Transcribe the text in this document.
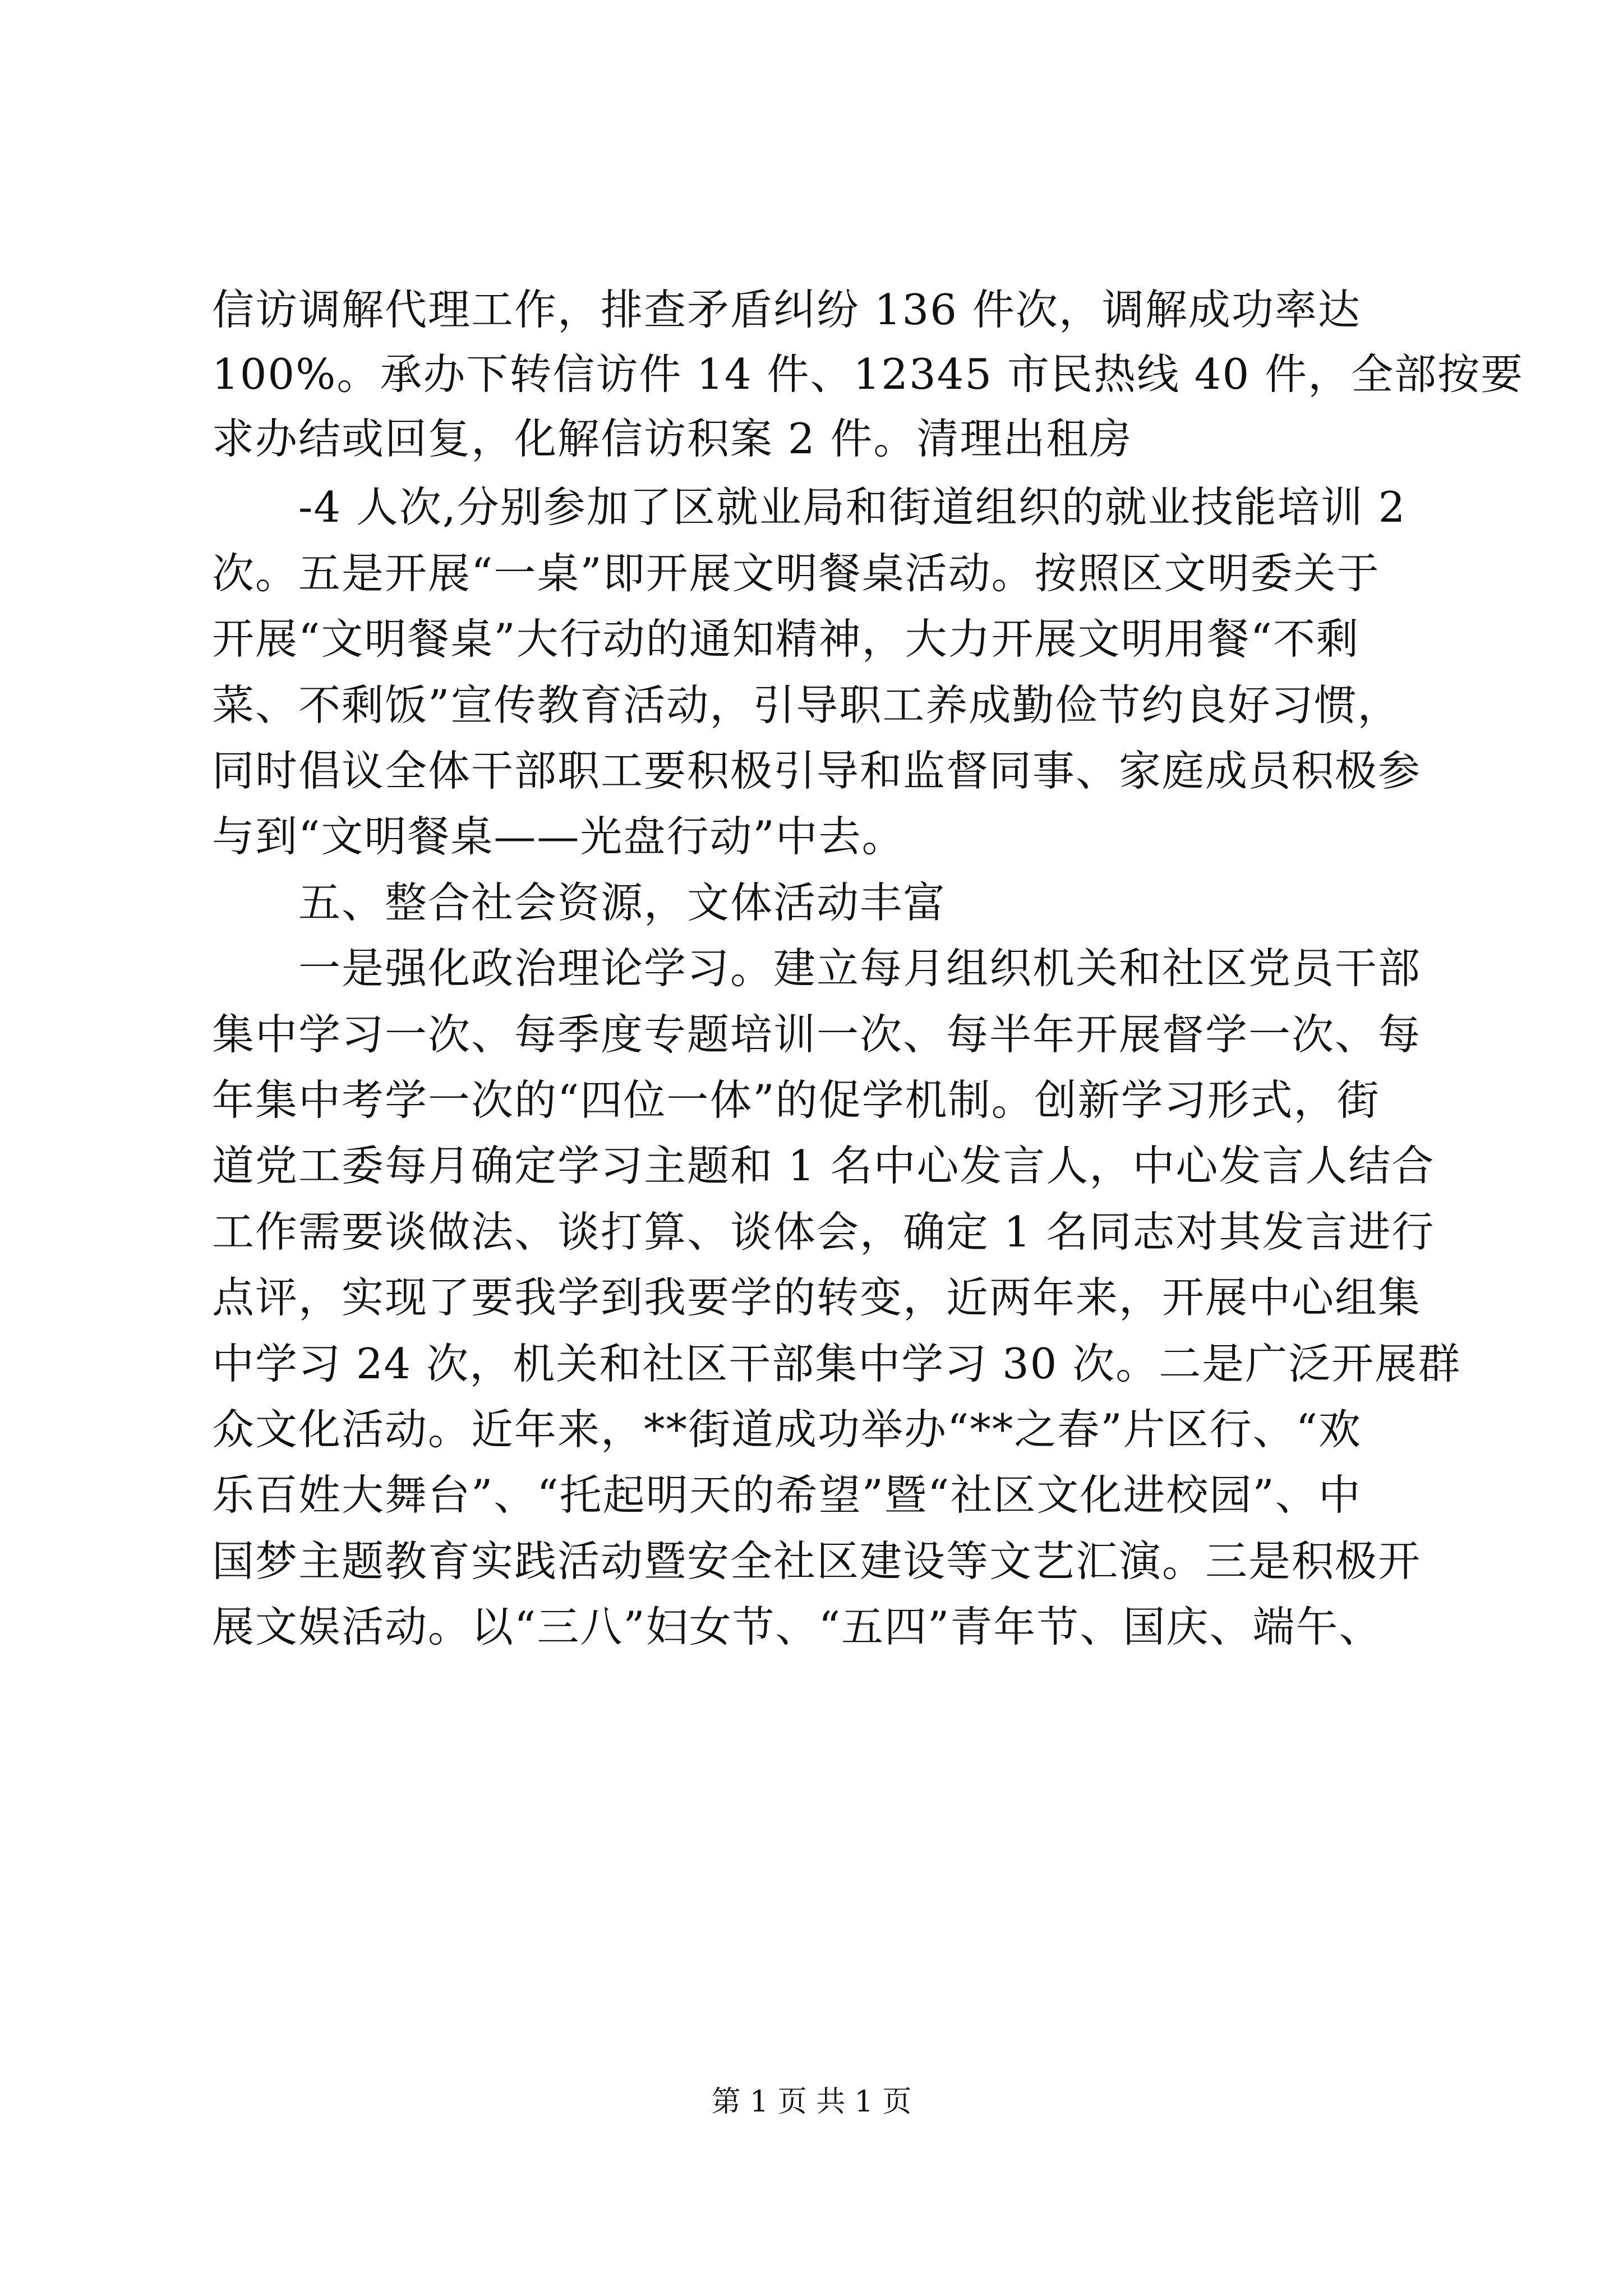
信访调解代理工作，排查矛盾纠纷 136 件次，调解成功率达
100%。承办下转信访件 14 件、12345 市民热线 40 件，全部按要
求办结或回复，化解信访积案 2 件。清理出租房
　　-4 人次,分别参加了区就业局和街道组织的就业技能培训 2
次。五是开展“一桌”即开展文明餐桌活动。按照区文明委关于
开展“文明餐桌”大行动的通知精神，大力开展文明用餐“不剩
菜、不剩饭”宣传教育活动，引导职工养成勤俭节约良好习惯，
同时倡议全体干部职工要积极引导和监督同事、家庭成员积极参
与到“文明餐桌——光盘行动”中去。
　　五、整合社会资源，文体活动丰富
　　一是强化政治理论学习。建立每月组织机关和社区党员干部
集中学习一次、每季度专题培训一次、每半年开展督学一次、每
年集中考学一次的“四位一体”的促学机制。创新学习形式，街
道党工委每月确定学习主题和 1 名中心发言人，中心发言人结合
工作需要谈做法、谈打算、谈体会，确定 1 名同志对其发言进行
点评，实现了要我学到我要学的转变，近两年来，开展中心组集
中学习 24 次，机关和社区干部集中学习 30 次。二是广泛开展群
众文化活动。近年来，**街道成功举办“**之春”片区行、“欢
乐百姓大舞台”、“托起明天的希望”暨“社区文化进校园”、中
国梦主题教育实践活动暨安全社区建设等文艺汇演。三是积极开
展文娱活动。以“三八”妇女节、“五四”青年节、国庆、端午、
第 1 页 共 1 页
